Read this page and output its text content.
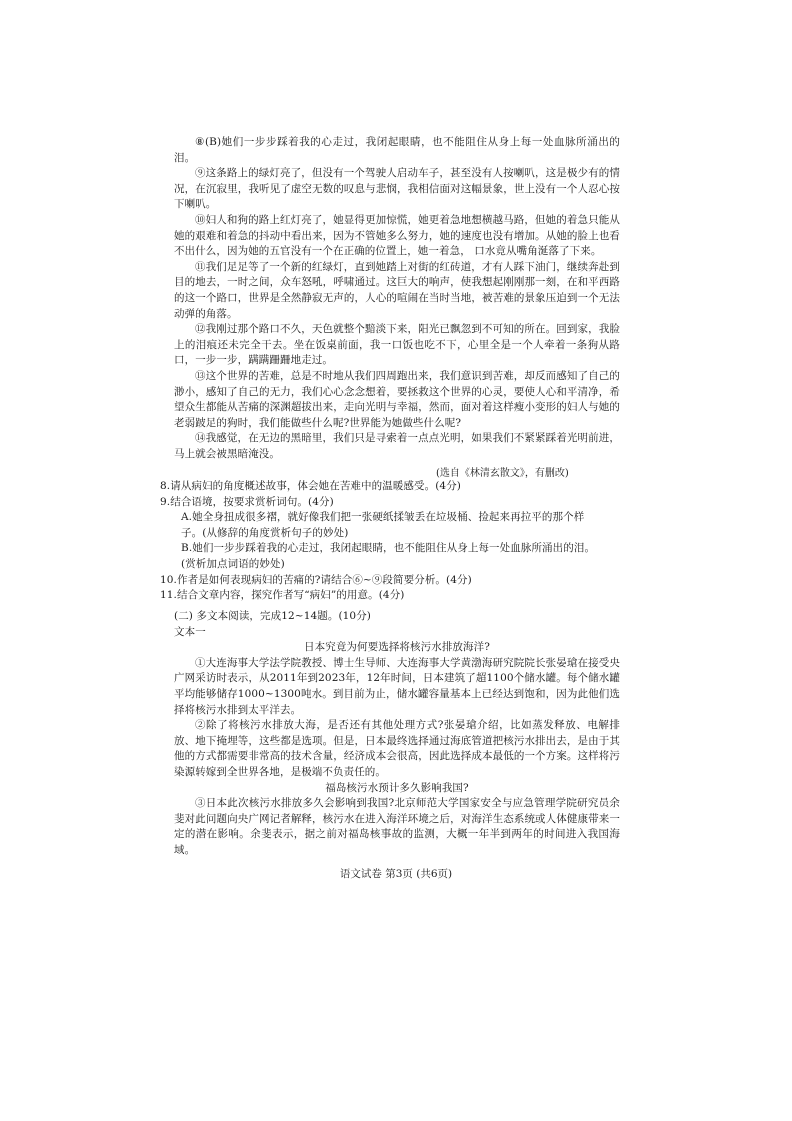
⑧(B)她们一步步踩着我的心走过，我闭起眼睛，也不能阻住从身上每一处血脉所涌出的泪。

⑨这条路上的绿灯亮了，但没有一个驾驶人启动车子，甚至没有人按喇叭，这是极少有的情况，在沉寂里，我听见了虚空无数的叹息与悲悯，我相信面对这幅景象，世上没有一个人忍心按下喇叭。

⑩妇人和狗的路上红灯亮了，她显得更加惊慌，她更着急地想横越马路，但她的着急只能从她的艰难和着急的抖动中看出来，因为不管她多么努力，她的速度也没有增加。从她的脸上也看不出什么，因为她的五官没有一个在正确的位置上，她一着急， 口水竟从嘴角涎落了下来。

⑪我们足足等了一个新的红绿灯，直到她踏上对街的红砖道，才有人踩下油门，继续奔赴到目的地去，一时之间，众车怒吼，呼啸通过。这巨大的响声，使我想起刚刚那一刻，在和平西路的这一个路口，世界是全然静寂无声的，人心的喧闹在当时当地，被苦难的景象压迫到一个无法动弹的角落。

⑫我刚过那个路口不久，天色就整个黯淡下来，阳光已飘忽到不可知的所在。回到家，我脸上的泪痕还未完全干去。坐在饭桌前面，我一口饭也吃不下，心里全是一个人牵着一条狗从路口，一步一步，蹒蹒跚跚地走过。

⑬这个世界的苦难，总是不时地从我们四周跑出来，我们意识到苦难，却反而感知了自己的渺小，感知了自己的无力，我们心心念念想着，要拯救这个世界的心灵，要使人心和平清净，希望众生都能从苦痛的深渊超拔出来，走向光明与幸福，然而，面对着这样瘦小变形的妇人与她的老弱跛足的狗时，我们能做些什么呢?世界能为她做些什么呢?

⑭我感觉，在无边的黑暗里，我们只是寻索着一点点光明，如果我们不紧紧踩着光明前进，马上就会被黑暗淹没。

(选自《林清玄散文》，有删改)

8.请从病妇的角度概述故事，体会她在苦难中的温暖感受。(4分)

9.结合语境，按要求赏析词句。(4分)

A.她全身扭成很多褶，就好像我们把一张硬纸揉皱丢在垃圾桶、捡起来再拉平的那个样

子。(从修辞的角度赏析句子的妙处)

B.她们一步步踩着我的心走过，我闭起眼睛，也不能阻住从身上每一处血脉所涌出的泪。

(赏析加点词语的妙处)

10.作者是如何表现病妇的苦痛的?请结合⑥~⑨段简要分析。(4分)

11.结合文章内容，探究作者写“病妇”的用意。(4分)

(二) 多文本阅读，完成12~14题。(10分)

文本一

日本究竟为何要选择将核污水排放海洋?

①大连海事大学法学院教授、博士生导师、大连海事大学黄渤海研究院院长张晏瑲在接受央广网采访时表示，从2011年到2023年，12年时间，日本建筑了超1100个储水罐。每个储水罐平均能够储存1000~1300吨水。到目前为止，储水罐容量基本上已经达到饱和，因为此他们选择将核污水排到太平洋去。

②除了将核污水排放大海，是否还有其他处理方式?张晏瑲介绍，比如蒸发释放、电解排放、地下掩埋等，这些都是选项。但是，日本最终选择通过海底管道把核污水排出去，是由于其他的方式都需要非常高的技术含量，经济成本会很高，因此选择成本最低的一个方案。这样将污染源转嫁到全世界各地，是极端不负责任的。

福岛核污水预计多久影响我国?

③日本此次核污水排放多久会影响到我国?北京师范大学国家安全与应急管理学院研究员余斐对此问题向央广网记者解释，核污水在进入海洋环境之后，对海洋生态系统或人体健康带来一定的潜在影响。余斐表示，据之前对福岛核事故的监测，大概一年半到两年的时间进入我国海域。

语文试卷 第3页 (共6页)
